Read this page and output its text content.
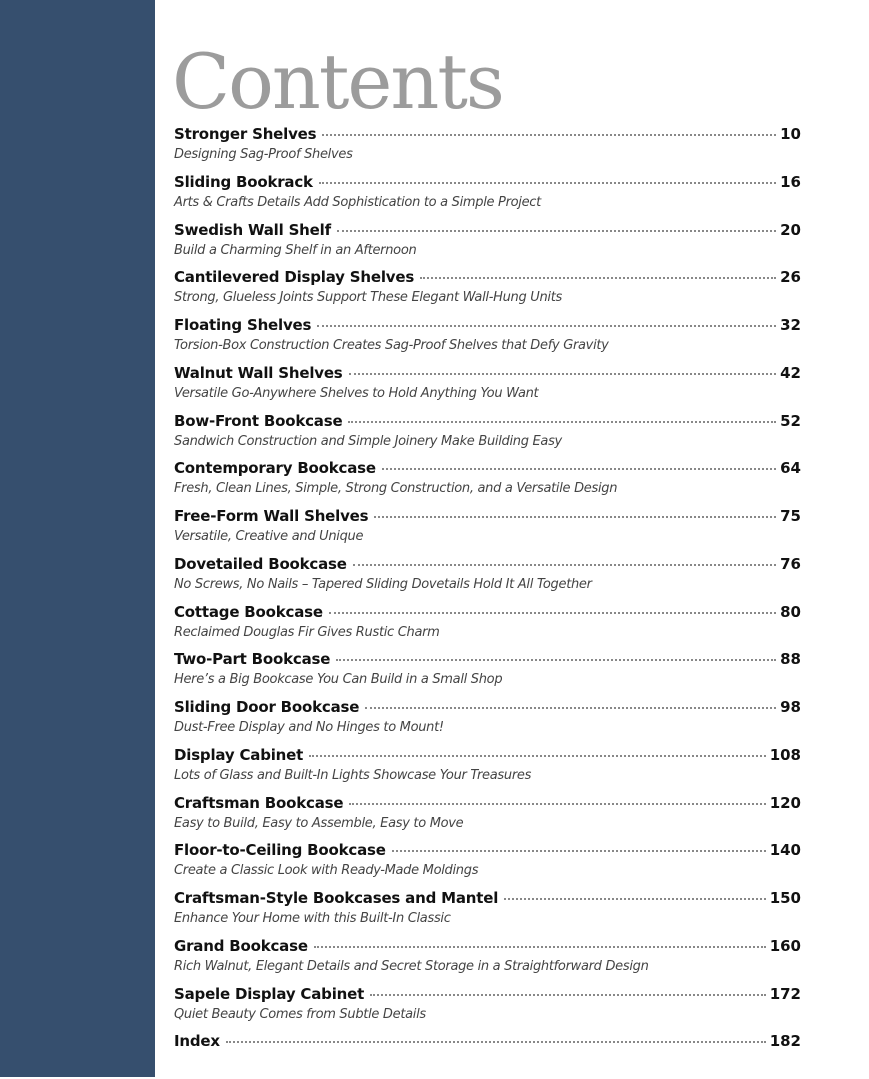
Contents
Stronger Shelves	10
Designing Sag-Proof Shelves
Sliding Bookrack	16
Arts & Crafts Details Add Sophistication to a Simple Project
Swedish Wall Shelf	20
Build a Charming Shelf in an Afternoon
Cantilevered Display Shelves	26
Strong, Glueless Joints Support These Elegant Wall-Hung Units
Floating Shelves	32
Torsion-Box Construction Creates Sag-Proof Shelves that Defy Gravity
Walnut Wall Shelves	42
Versatile Go-Anywhere Shelves to Hold Anything You Want
Bow-Front Bookcase	52
Sandwich Construction and Simple Joinery Make Building Easy
Contemporary Bookcase	64
Fresh, Clean Lines, Simple, Strong Construction, and a Versatile Design
Free-Form Wall Shelves	75
Versatile, Creative and Unique
Dovetailed Bookcase	76
No Screws, No Nails – Tapered Sliding Dovetails Hold It All Together
Cottage Bookcase	80
Reclaimed Douglas Fir Gives Rustic Charm
Two-Part Bookcase	88
Here’s a Big Bookcase You Can Build in a Small Shop
Sliding Door Bookcase	98
Dust-Free Display and No Hinges to Mount!
Display Cabinet	108
Lots of Glass and Built-In Lights Showcase Your Treasures
Craftsman Bookcase	120
Easy to Build, Easy to Assemble, Easy to Move
Floor-to-Ceiling Bookcase	140
Create a Classic Look with Ready-Made Moldings
Craftsman-Style Bookcases and Mantel	150
Enhance Your Home with this Built-In Classic
Grand Bookcase	160
Rich Walnut, Elegant Details and Secret Storage in a Straightforward Design
Sapele Display Cabinet	172
Quiet Beauty Comes from Subtle Details
Index	182
